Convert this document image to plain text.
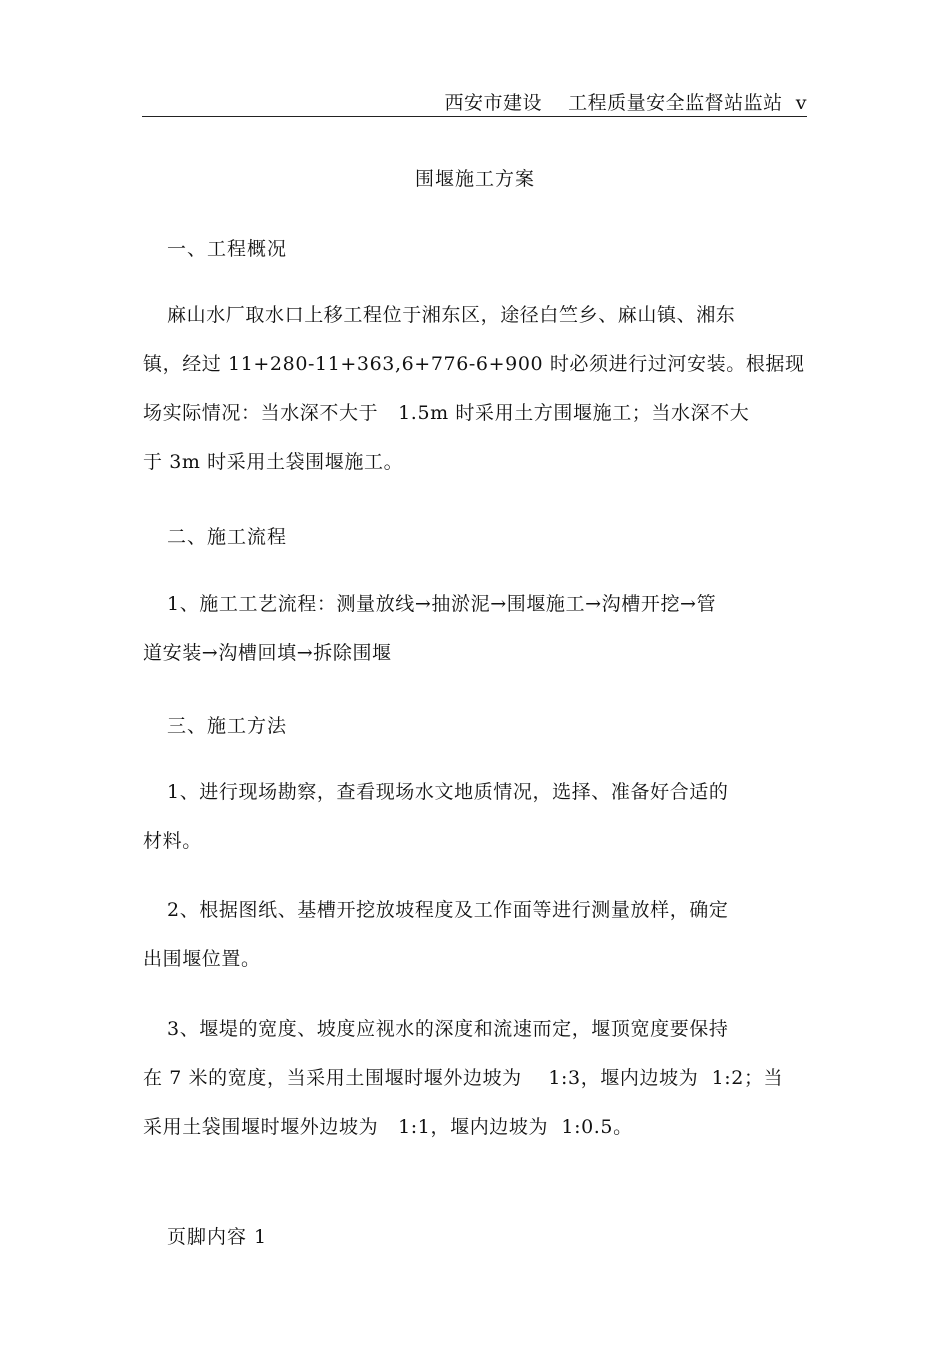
西安市建设    工程质量安全监督站监站  v
围堰施工方案
一、工程概况
麻山水厂取水口上移工程位于湘东区，途径白竺乡、麻山镇、湘东
镇，经过 11+280-11+363,6+776-6+900 时必须进行过河安装。根据现
场实际情况：当水深不大于   1.5m 时采用土方围堰施工；当水深不大
于 3m 时采用土袋围堰施工。
二、施工流程
1、施工工艺流程：测量放线→抽淤泥→围堰施工→沟槽开挖→管
道安装→沟槽回填→拆除围堰
三、施工方法
1、进行现场勘察，查看现场水文地质情况，选择、准备好合适的
材料。
2、根据图纸、基槽开挖放坡程度及工作面等进行测量放样，确定
出围堰位置。
3、堰堤的宽度、坡度应视水的深度和流速而定，堰顶宽度要保持
在 7 米的宽度，当采用土围堰时堰外边坡为    1:3，堰内边坡为  1:2；当
采用土袋围堰时堰外边坡为   1:1，堰内边坡为  1:0.5。
页脚内容 1
